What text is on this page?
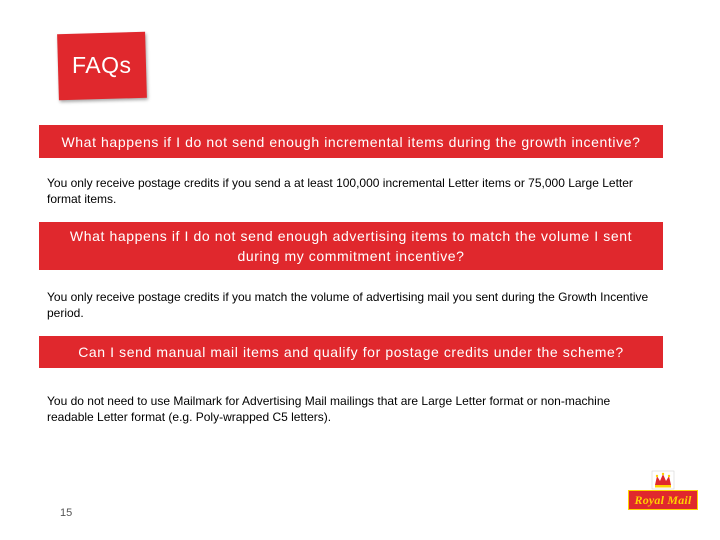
FAQs
What happens if I do not send enough incremental items during the growth incentive?
You only receive postage credits if you send a at least 100,000 incremental Letter items or 75,000 Large Letter format items.
What happens if I do not send enough advertising items to match the volume I sent during my commitment incentive?
You only receive postage credits if you match the volume of advertising mail you sent during the Growth Incentive period.
Can I send manual mail items and qualify for postage credits under the scheme?
You do not need to use Mailmark for Advertising Mail mailings that are Large Letter format or non-machine readable Letter format (e.g. Poly-wrapped C5 letters).
15
Royal Mail
